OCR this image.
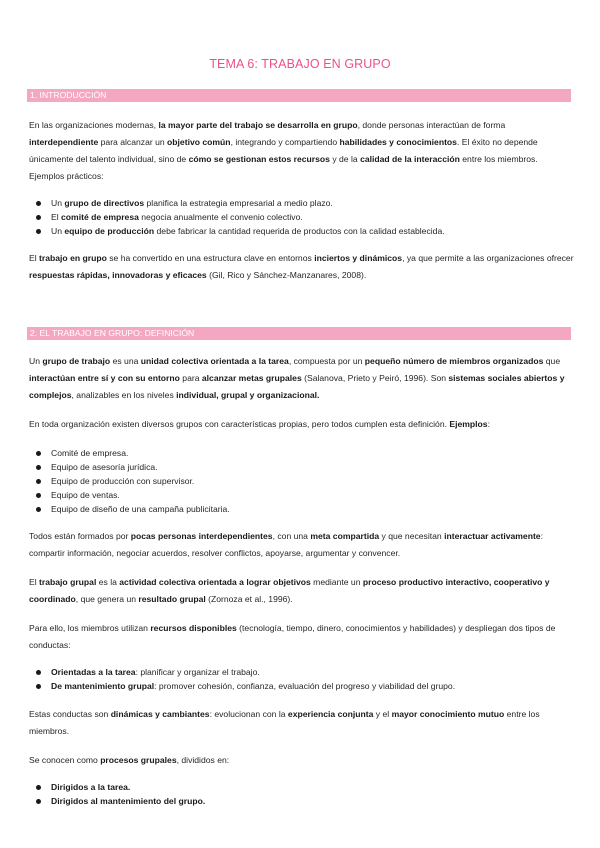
TEMA 6: TRABAJO EN GRUPO
1. INTRODUCCIÓN
En las organizaciones modernas, la mayor parte del trabajo se desarrolla en grupo, donde personas interactúan de forma interdependiente para alcanzar un objetivo común, integrando y compartiendo habilidades y conocimientos. El éxito no depende únicamente del talento individual, sino de cómo se gestionan estos recursos y de la calidad de la interacción entre los miembros. Ejemplos prácticos:
Un grupo de directivos planifica la estrategia empresarial a medio plazo.
El comité de empresa negocia anualmente el convenio colectivo.
Un equipo de producción debe fabricar la cantidad requerida de productos con la calidad establecida.
El trabajo en grupo se ha convertido en una estructura clave en entornos inciertos y dinámicos, ya que permite a las organizaciones ofrecer respuestas rápidas, innovadoras y eficaces (Gil, Rico y Sánchez-Manzanares, 2008).
2. EL TRABAJO EN GRUPO: DEFINICIÓN
Un grupo de trabajo es una unidad colectiva orientada a la tarea, compuesta por un pequeño número de miembros organizados que interactúan entre sí y con su entorno para alcanzar metas grupales (Salanova, Prieto y Peiró, 1996). Son sistemas sociales abiertos y complejos, analizables en los niveles individual, grupal y organizacional.
En toda organización existen diversos grupos con características propias, pero todos cumplen esta definición. Ejemplos:
Comité de empresa.
Equipo de asesoría jurídica.
Equipo de producción con supervisor.
Equipo de ventas.
Equipo de diseño de una campaña publicitaria.
Todos están formados por pocas personas interdependientes, con una meta compartida y que necesitan interactuar activamente: compartir información, negociar acuerdos, resolver conflictos, apoyarse, argumentar y convencer.
El trabajo grupal es la actividad colectiva orientada a lograr objetivos mediante un proceso productivo interactivo, cooperativo y coordinado, que genera un resultado grupal (Zornoza et al., 1996).
Para ello, los miembros utilizan recursos disponibles (tecnología, tiempo, dinero, conocimientos y habilidades) y despliegan dos tipos de conductas:
Orientadas a la tarea: planificar y organizar el trabajo.
De mantenimiento grupal: promover cohesión, confianza, evaluación del progreso y viabilidad del grupo.
Estas conductas son dinámicas y cambiantes: evolucionan con la experiencia conjunta y el mayor conocimiento mutuo entre los miembros.
Se conocen como procesos grupales, divididos en:
Dirigidos a la tarea.
Dirigidos al mantenimiento del grupo.
